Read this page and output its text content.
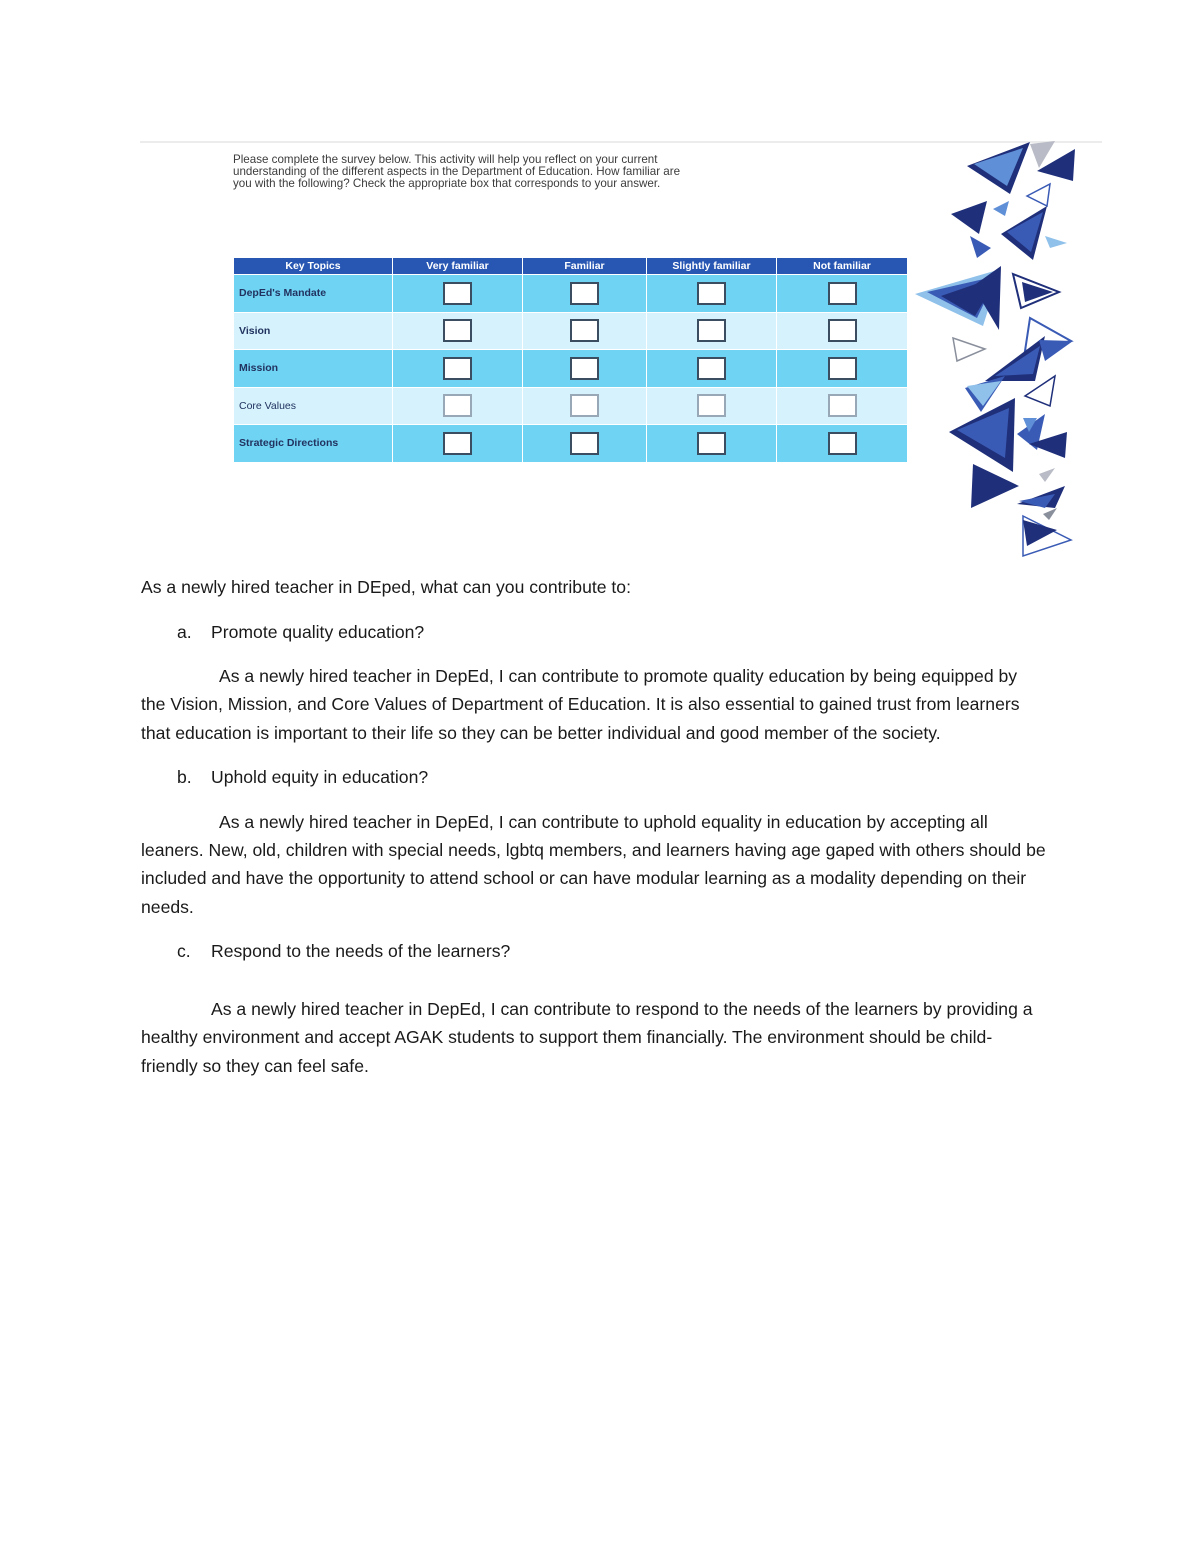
Please complete the survey below. This activity will help you reflect on your current understanding of the different aspects in the Department of Education. How familiar are you with the following? Check the appropriate box that corresponds to your answer.

Key Topics	Very familiar	Familiar	Slightly familiar	Not familiar
DepEd's Mandate				
Vision				
Mission				
Core Values				
Strategic Directions				

As a newly hired teacher in DEped, what can you contribute to:

a.	Promote quality education?

As a newly hired teacher in DepEd, I can contribute to promote quality education by being equipped by the Vision, Mission, and Core Values of Department of Education. It is also essential to gained trust from learners that education is important to their life so they can be better individual and good member of the society.

b.	Uphold equity in education?

As a newly hired teacher in DepEd, I can contribute to uphold equality in education by accepting all leaners. New, old, children with special needs, lgbtq members, and learners having age gaped with others should be included and have the opportunity to attend school or can have modular learning as a modality depending on their needs.

c.	Respond to the needs of the learners?

As a newly hired teacher in DepEd, I can contribute to respond to the needs of the learners by providing a healthy environment and accept AGAK students to support them financially. The environment should be child-friendly so they can feel safe.
